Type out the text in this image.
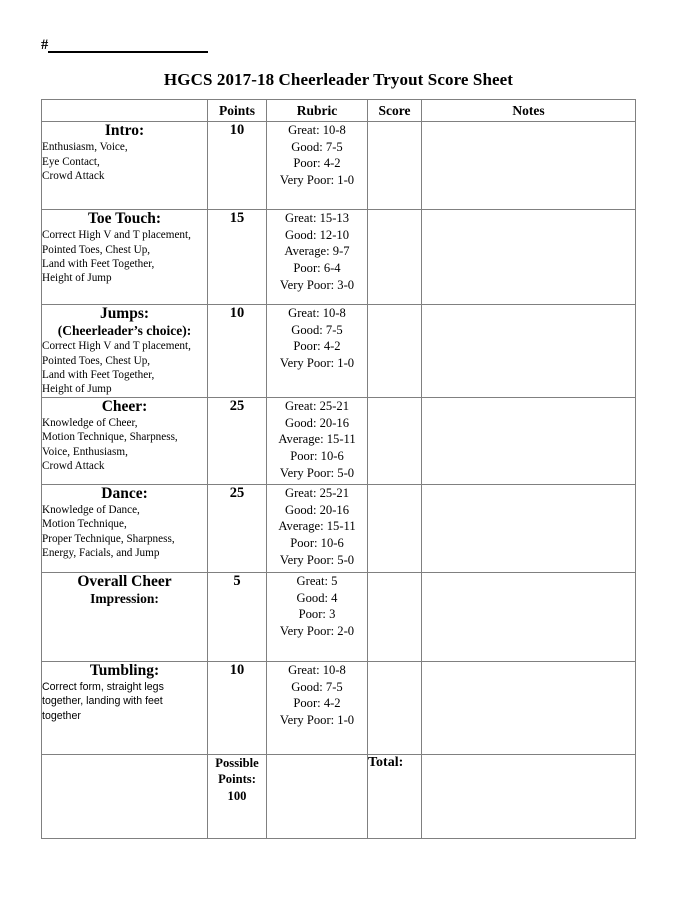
#
HGCS 2017-18 Cheerleader Tryout Score Sheet
	Points	Rubric	Score	Notes

Intro:
Enthusiasm, Voice,
Eye Contact,
Crowd Attack	10	Great: 10-8
Good: 7-5
Poor: 4-2
Very Poor: 1-0		

Toe Touch:
Correct High V and T placement,
Pointed Toes, Chest Up,
Land with Feet Together,
Height of Jump	15	Great: 15-13
Good: 12-10
Average: 9-7
Poor: 6-4
Very Poor: 3-0		

Jumps:
(Cheerleader’s choice):
Correct High V and T placement,
Pointed Toes, Chest Up,
Land with Feet Together,
Height of Jump
	10	Great: 10-8
Good: 7-5
Poor: 4-2
Very Poor: 1-0

Cheer:
Knowledge of Cheer,
Motion Technique, Sharpness,
Voice, Enthusiasm,
Crowd Attack	25	Great: 25-21
Good: 20-16
Average: 15-11
Poor: 10-6
Very Poor: 5-0		

Dance:
Knowledge of Dance,
Motion Technique,
Proper Technique, Sharpness,
Energy, Facials, and Jump	25	Great: 25-21
Good: 20-16
Average: 15-11
Poor: 10-6
Very Poor: 5-0		

Overall Cheer
Impression:	5	Great: 5
Good: 4
Poor: 3
Very Poor: 2-0		

Tumbling:
Correct form, straight legs
together, landing with feet
together	10	Great: 10-8
Good: 7-5
Poor: 4-2
Very Poor: 1-0		

	Possible
Points:
100		Total:	
